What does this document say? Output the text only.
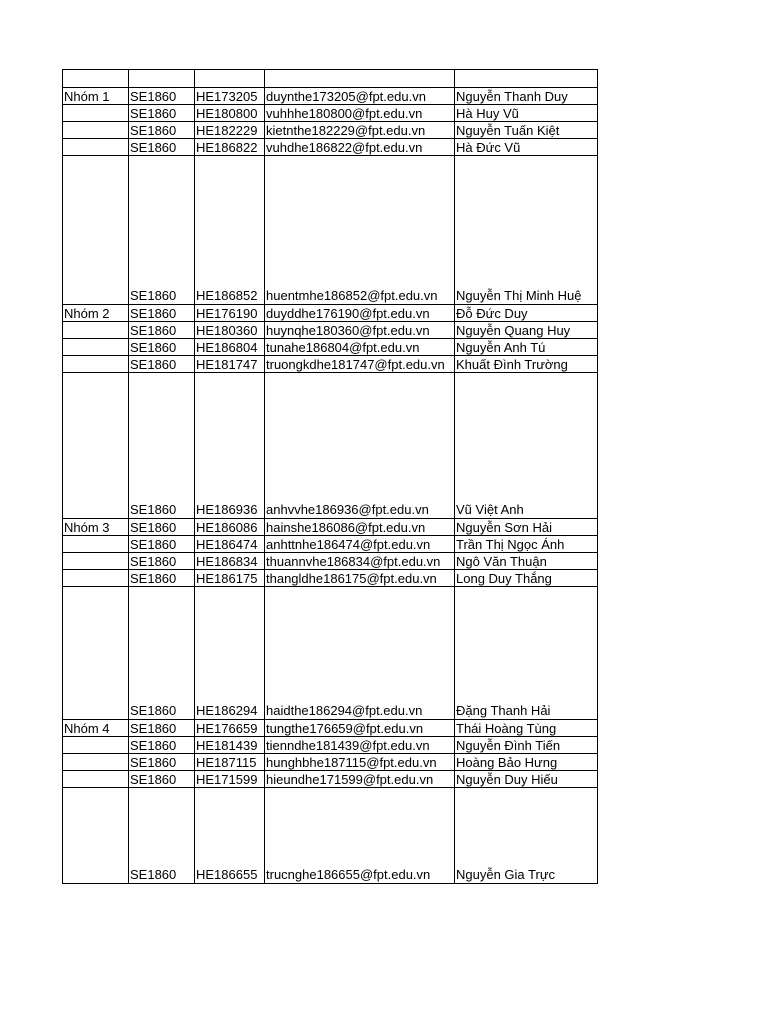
Nhóm 1	SE1860	HE173205	duynthe173205@fpt.edu.vn	Nguyễn Thanh Duy
	SE1860	HE180800	vuhhhe180800@fpt.edu.vn	Hà Huy Vũ
	SE1860	HE182229	kietnthe182229@fpt.edu.vn	Nguyễn Tuấn Kiệt
	SE1860	HE186822	vuhdhe186822@fpt.edu.vn	Hà Đức Vũ
	SE1860	HE186852	huentmhe186852@fpt.edu.vn	Nguyễn Thị Minh Huệ
Nhóm 2	SE1860	HE176190	duyddhe176190@fpt.edu.vn	Đỗ Đức Duy
	SE1860	HE180360	huynqhe180360@fpt.edu.vn	Nguyễn Quang Huy
	SE1860	HE186804	tunahe186804@fpt.edu.vn	Nguyễn Anh Tú
	SE1860	HE181747	truongkdhe181747@fpt.edu.vn	Khuất Đình Trường
	SE1860	HE186936	anhvvhe186936@fpt.edu.vn	Vũ Việt Anh
Nhóm 3	SE1860	HE186086	hainshe186086@fpt.edu.vn	Nguyễn Sơn Hải
	SE1860	HE186474	anhttnhe186474@fpt.edu.vn	Trần Thị Ngọc Ánh
	SE1860	HE186834	thuannvhe186834@fpt.edu.vn	Ngô Văn Thuận
	SE1860	HE186175	thangldhe186175@fpt.edu.vn	Long Duy Thắng
	SE1860	HE186294	haidthe186294@fpt.edu.vn	Đặng Thanh Hải
Nhóm 4	SE1860	HE176659	tungthe176659@fpt.edu.vn	Thái Hoàng Tùng
	SE1860	HE181439	tienndhe181439@fpt.edu.vn	Nguyễn Đình Tiến
	SE1860	HE187115	hunghbhe187115@fpt.edu.vn	Hoàng Bảo Hưng
	SE1860	HE171599	hieundhe171599@fpt.edu.vn	Nguyễn Duy Hiếu
	SE1860	HE186655	trucnghe186655@fpt.edu.vn	Nguyễn Gia Trực
